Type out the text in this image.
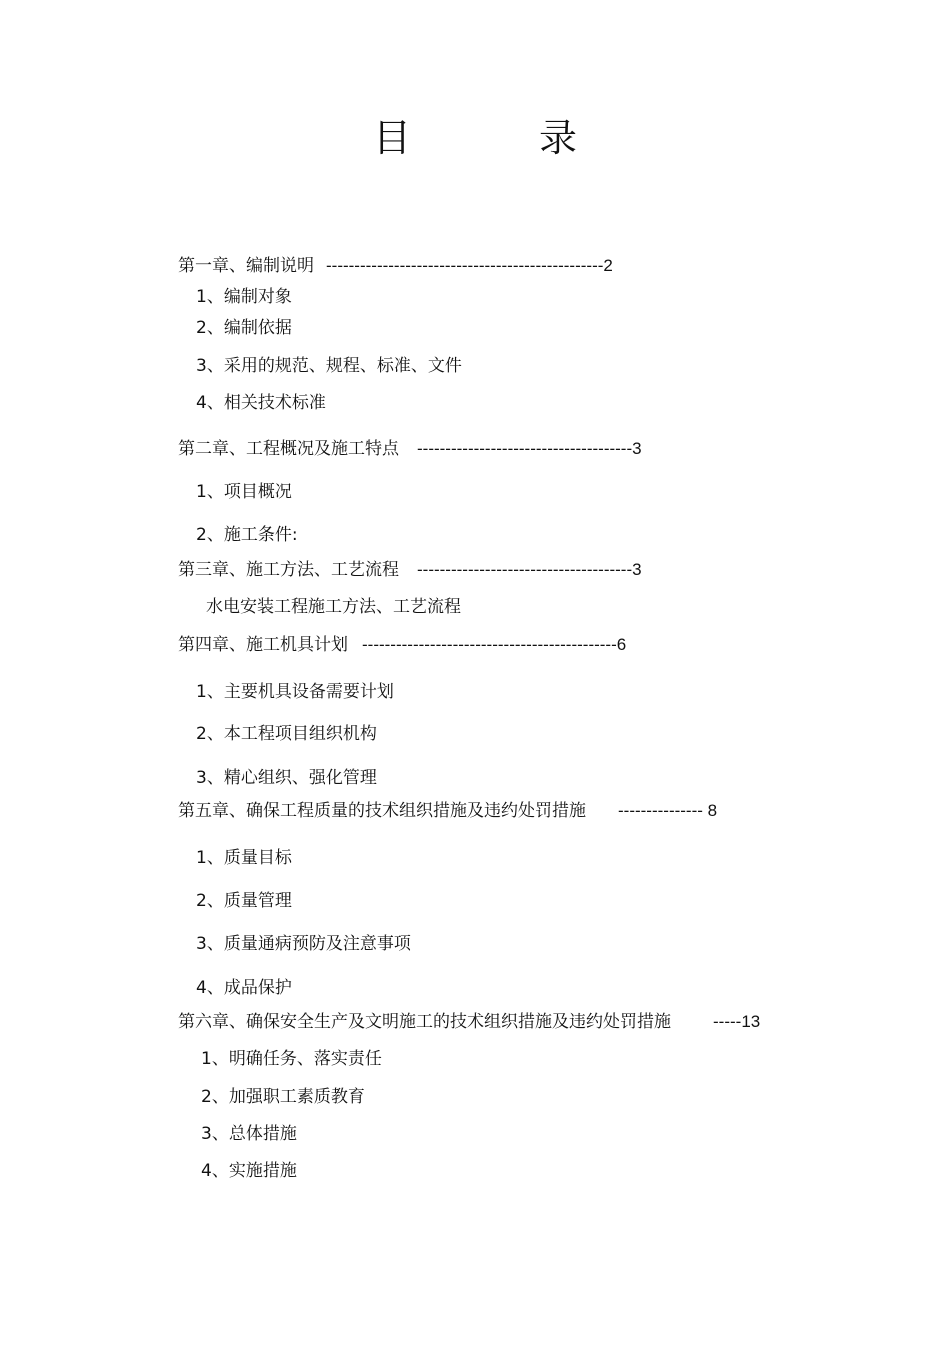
目 录
第一章、编制说明 -------------------------------------------------2
1、编制对象
2、编制依据
3、采用的规范、规程、标准、文件
4、相关技术标准
第二章、工程概况及施工特点 --------------------------------------3
1、项目概况
2、施工条件:
第三章、施工方法、工艺流程 --------------------------------------3
水电安装工程施工方法、工艺流程
第四章、施工机具计划 ---------------------------------------------6
1、主要机具设备需要计划
2、本工程项目组织机构
3、精心组织、强化管理
第五章、确保工程质量的技术组织措施及违约处罚措施 --------------- 8
1、质量目标
2、质量管理
3、质量通病预防及注意事项
4、成品保护
第六章、确保安全生产及文明施工的技术组织措施及违约处罚措施 -----13
1、明确任务、落实责任
2、加强职工素质教育
3、总体措施
4、实施措施
